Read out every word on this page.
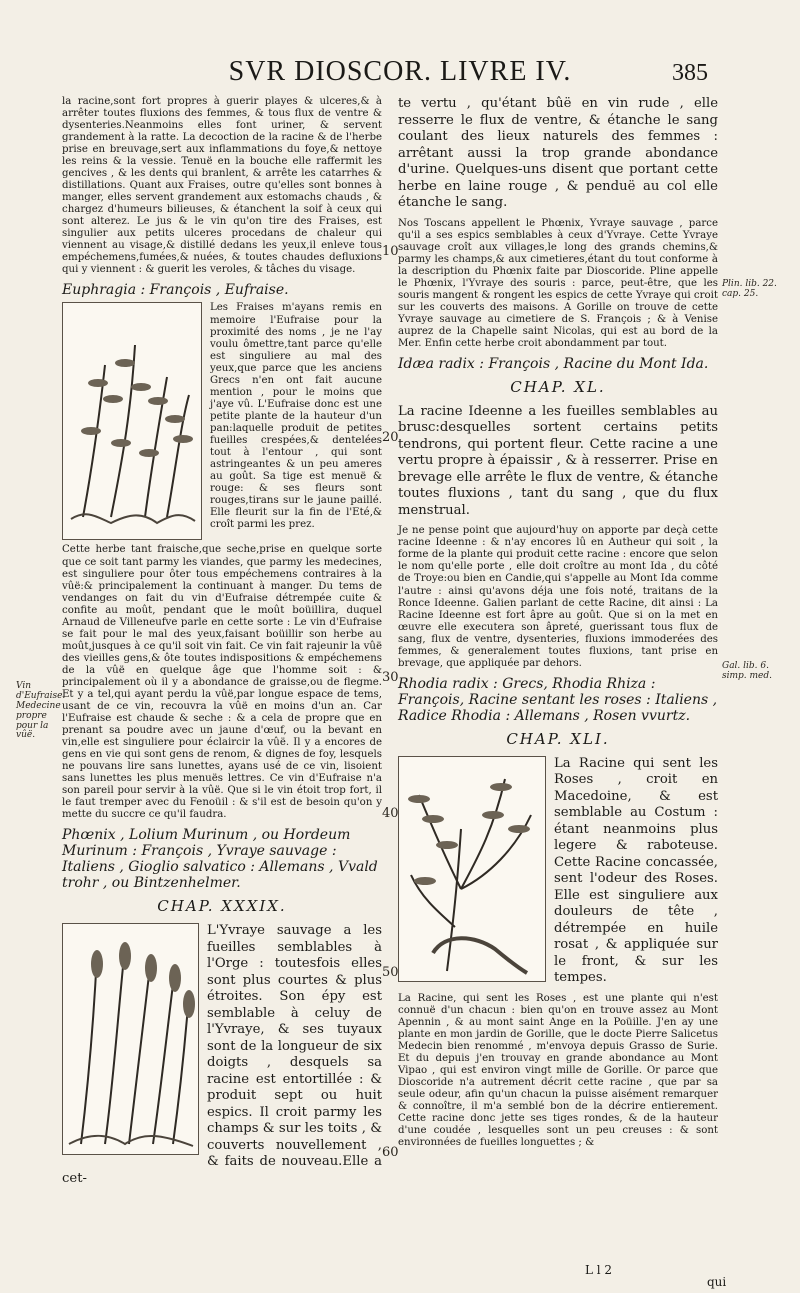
SVR DIOSCOR. LIVRE IV.	385
la racine,sont fort propres à guerir playes & ulceres,& à arrêter toutes fluxions des femmes, & tous flux de ventre & dysenteries.Neanmoins elles font uriner, & servent grandement à la ratte. La decoction de la racine & de l'herbe prise en breuvage,sert aux inflammations du foye,& nettoye les reins & la vessie. Tenuë en la bouche elle raffermit les gencives , & les dents qui branlent, & arrête les catarrhes & distillations. Quant aux Fraises, outre qu'elles sont bonnes à manger, elles servent grandement aux estomachs chauds , & chargez d'humeurs bilieuses, & étanchent la soif à ceux qui sont alterez. Le jus & le vin qu'on tire des Fraises, est singulier aux petits ulceres procedans de chaleur qui viennent au visage,& distillé dedans les yeux,il enleve tous empéchemens,fumées,& nuées, & toutes chaudes defluxions qui y viennent : & guerit les veroles, & tâches du visage.
Euphragia : François , Eufraise.
Les Fraises m'ayans remis en memoire l'Eufraise pour la proximité des noms , je ne l'ay voulu ômettre,tant parce qu'elle est singuliere au mal des yeux,que parce que les anciens Grecs n'en ont fait aucune mention , pour le moins que j'aye vû. L'Eufraise donc est une petite plante de la hauteur d'un pan:laquelle produit de petites fueilles crespées,& dentelées tout à l'entour , qui sont astringeantes & un peu ameres au goût. Sa tige est menuë & rouge: & ses fleurs sont rouges,tirans sur le jaune paillé. Elle fleurit sur la fin de l'Eté,& croît parmi les prez.
Cette herbe tant fraische,que seche,prise en quelque sorte que ce soit tant parmy les viandes, que parmy les medecines, est singuliere pour ôter tous empéchemens contraires à la vûë:& principalement la continuant à manger. Du tems de vendanges on fait du vin d'Eufraise détrempée cuite & confite au moût, pendant que le moût boüillira, duquel Arnaud de Villeneufve parle en cette sorte : Le vin d'Eufraise se fait pour le mal des yeux,faisant boüillir son herbe au moût,jusques à ce qu'il soit vin fait. Ce vin fait rajeunir la vûë des vieilles gens,& ôte toutes indispositions & empéchemens de la vûë en quelque âge que l'homme soit : & principalement où il y a abondance de graisse,ou de flegme. Et y a tel,qui ayant perdu la vûë,par longue espace de tems, usant de ce vin, recouvra la vûë en moins d'un an. Car l'Eufraise est chaude & seche : & a cela de propre que en prenant sa poudre avec un jaune d'œuf, ou la bevant en vin,elle est singuliere pour éclaircir la vûë. Il y a encores de gens en vie qui sont gens de renom, & dignes de foy, lesquels ne pouvans lire sans lunettes, ayans usé de ce vin, lisoient sans lunettes les plus menuës lettres. Ce vin d'Eufraise n'a son pareil pour servir à la vûë. Que si le vin étoit trop fort, il le faut tremper avec du Fenoüil : & s'il est de besoin qu'on y mette du succre ce qu'il faudra.
Phœnix , Lolium Murinum , ou Hordeum Murinum : François , Yvraye sauvage : Italiens , Gioglio salvatico : Allemans , Vvald trohr , ou Bintzenhelmer.
CHAP. XXXIX.
L'Yvraye sauvage a les fueilles semblables à l'Orge : toutesfois elles sont plus courtes & plus étroites. Son épy est semblable à celuy de l'Yvraye, & ses tuyaux sont de la longueur de six doigts , desquels sa racine est entortillée : & produit sept ou huit espics. Il croit parmy les champs & sur les toits , & couverts nouvellement , & faits de nouveau.Elle a cet-
te vertu , qu'étant bûë en vin rude , elle resserre le flux de ventre, & étanche le sang coulant des lieux naturels des femmes : arrêtant aussi la trop grande abondance d'urine. Quelques-uns disent que portant cette herbe en laine rouge , & penduë au col elle étanche le sang.
Nos Toscans appellent le Phœnix, Yvraye sauvage , parce qu'il a ses espics semblables à ceux d'Yvraye. Cette Yvraye sauvage croît aux villages,le long des grands chemins,& parmy les champs,& aux cimetieres,étant du tout conforme à la description du Phœnix faite par Dioscoride. Pline appelle le Phœnix, l'Yvraye des souris : parce, peut-être, que les souris mangent & rongent les espics de cette Yvraye qui croit sur les couverts des maisons. A Gorille on trouve de cette Yvraye sauvage au cimetiere de S. François ; & à Venise auprez de la Chapelle saint Nicolas, qui est au bord de la Mer. Enfin cette herbe croit abondamment par tout.
Idæa radix : François , Racine du Mont Ida.
CHAP. XL.
La racine Ideenne a les fueilles semblables au brusc:desquelles sortent certains petits tendrons, qui portent fleur. Cette racine a une vertu propre à épaissir , & à resserrer. Prise en brevage elle arrête le flux de ventre, & étanche toutes fluxions , tant du sang , que du flux menstrual.
Je ne pense point que aujourd'huy on apporte par deçà cette racine Ideenne : & n'ay encores lû en Autheur qui soit , la forme de la plante qui produit cette racine : encore que selon le nom qu'elle porte , elle doit croître au mont Ida , du côté de Troye:ou bien en Candie,qui s'appelle au Mont Ida comme l'autre : ainsi qu'avons déja une fois noté, traitans de la Ronce Ideenne. Galien parlant de cette Racine, dit ainsi : La Racine Ideenne est fort âpre au goût. Que si on la met en œuvre elle executera son âpreté, guerissant tous flux de sang, flux de ventre, dysenteries, fluxions immoderées des femmes, & generalement toutes fluxions, tant prise en brevage, que appliquée par dehors.
Rhodia radix : Grecs, Rhodia Rhiza : François, Racine sentant les roses : Italiens , Radice Rhodia : Allemans , Rosen vvurtz.
CHAP. XLI.
La Racine qui sent les Roses , croit en Macedoine, & est semblable au Costum : étant neanmoins plus legere & raboteuse. Cette Racine concassée, sent l'odeur des Roses. Elle est singuliere aux douleurs de tête , détrempée en huile rosat , & appliquée sur le front, & sur les tempes.
La Racine, qui sent les Roses , est une plante qui n'est connuë d'un chacun : bien qu'on en trouve assez au Mont Apennin , & au mont saint Ange en la Poüille. J'en ay une plante en mon jardin de Gorille, que le docte Pierre Salicetus Medecin bien renommé , m'envoya depuis Grasso de Surie. Et du depuis j'en trouvay en grande abondance au Mont Vipao , qui est environ vingt mille de Gorille. Or parce que Dioscoride n'a autrement décrit cette racine , que par sa seule odeur, afin qu'un chacun la puisse aisément remarquer & connoître, il m'a semblé bon de la décrire entierement. Cette racine donc jette ses tiges rondes, & de la hauteur d'une coudée , lesquelles sont un peu creuses : & sont environnées de fueilles longuettes ; &
Vin d'Eufraise. Medecine propre pour la vûë.
Plin. lib. 22. cap. 25.
Gal. lib. 6. simp. med.
10
20
30
40
50
60
L l 2
qui
